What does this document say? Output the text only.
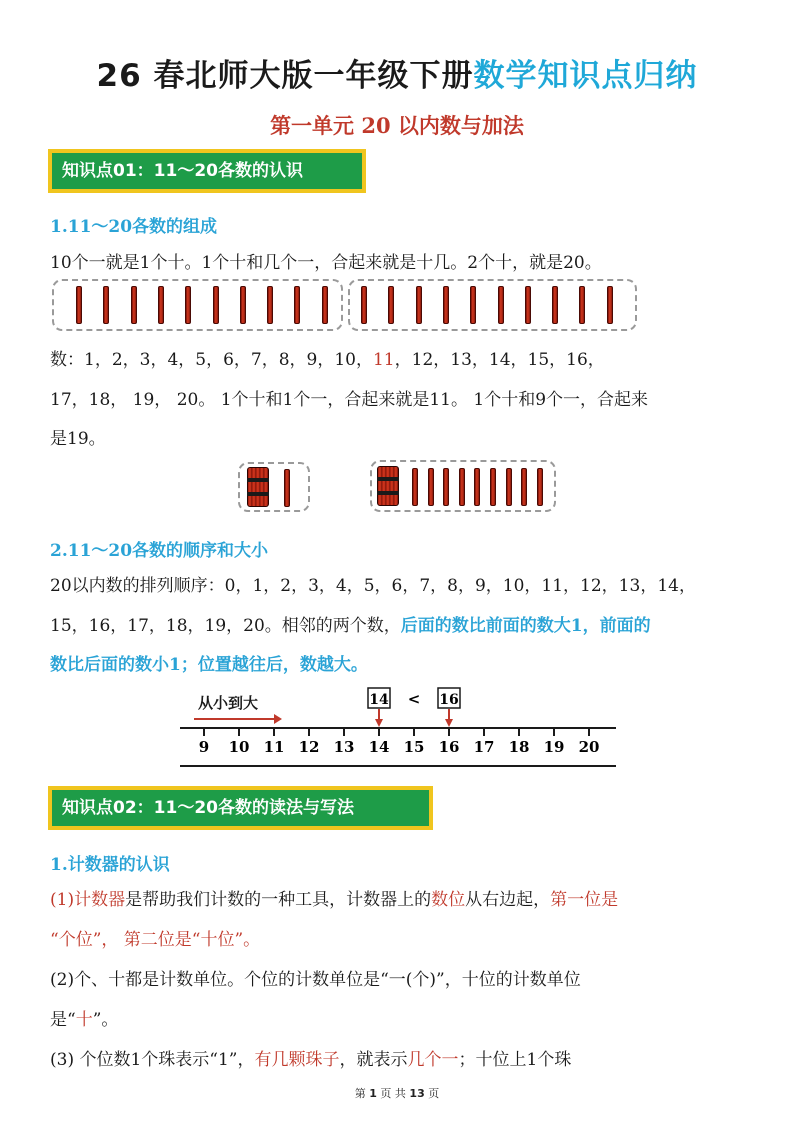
26 春北师大版一年级下册数学知识点归纳
第一单元 20 以内数与加法
知识点01：11～20各数的认识
1.11～20各数的组成
10个一就是1个十。1个十和几个一，合起来就是十几。2个十，就是20。
数：1，2，3，4，5，6，7，8，9，10，11，12，13，14，15，16，
17，18， 19， 20。 1个十和1个一，合起来就是11。 1个十和9个一，合起来
是19。
2.11～20各数的顺序和大小
20以内数的排列顺序：0，1，2，3，4，5，6，7，8，9，10，11，12，13，14，
15，16，17，18，19，20。相邻的两个数，后面的数比前面的数大1，前面的
数比后面的数小1；位置越往后，数越大。
从小到大
9 10 11 12 13 14 15 16 17 18 19 20
14	16
<
知识点02：11～20各数的读法与写法
1.计数器的认识
(1)计数器是帮助我们计数的一种工具，计数器上的数位从右边起，第一位是
“个位”， 第二位是“十位”。
(2)个、十都是计数单位。个位的计数单位是“一(个)”，十位的计数单位
是“十”。
(3) 个位数1个珠表示“1”，有几颗珠子，就表示几个一；十位上1个珠
第 1 页 共 13 页
